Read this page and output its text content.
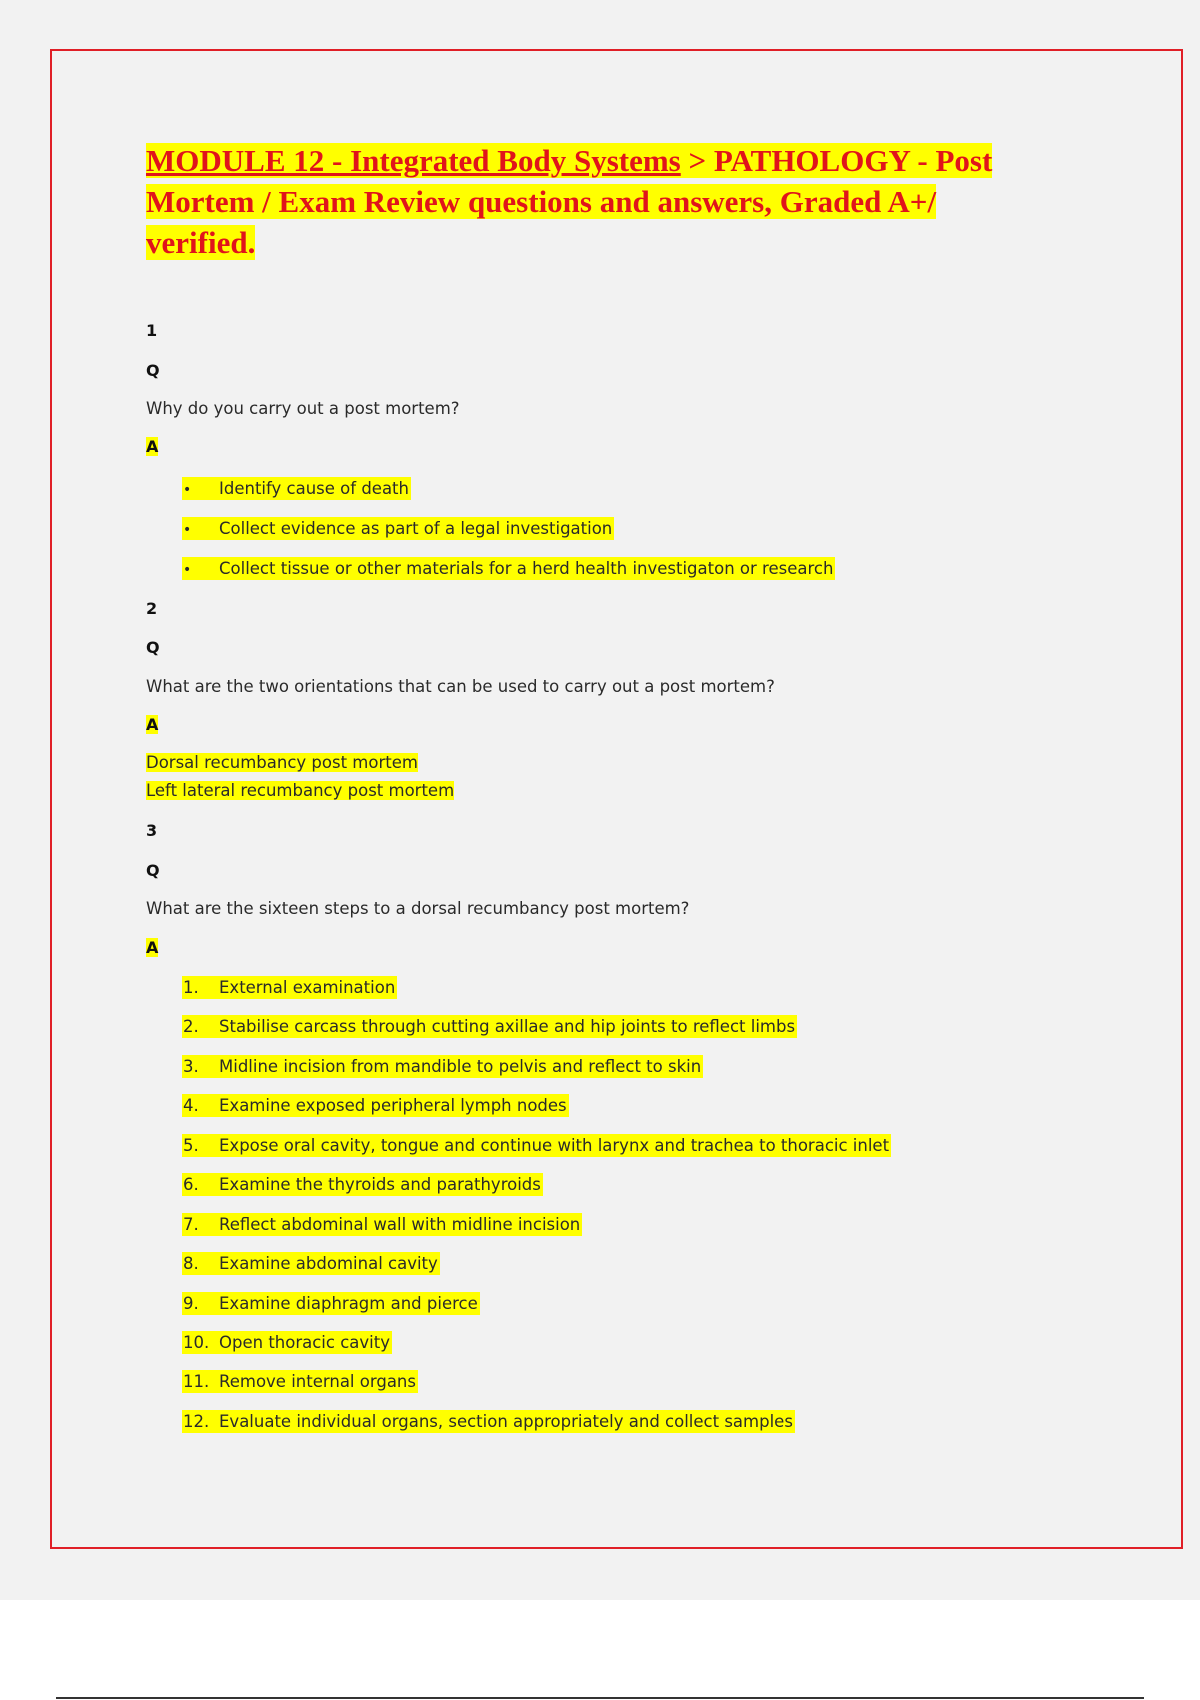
MODULE 12 - Integrated Body Systems > PATHOLOGY - Post
Mortem / Exam Review questions and answers, Graded A+/
verified.
1
Q
Why do you carry out a post mortem?
A
• Identify cause of death
• Collect evidence as part of a legal investigation
• Collect tissue or other materials for a herd health investigaton or research
2
Q
What are the two orientations that can be used to carry out a post mortem?
A
Dorsal recumbancy post mortem
Left lateral recumbancy post mortem
3
Q
What are the sixteen steps to a dorsal recumbancy post mortem?
A
1. External examination
2. Stabilise carcass through cutting axillae and hip joints to reflect limbs
3. Midline incision from mandible to pelvis and reflect to skin
4. Examine exposed peripheral lymph nodes
5. Expose oral cavity, tongue and continue with larynx and trachea to thoracic inlet
6. Examine the thyroids and parathyroids
7. Reflect abdominal wall with midline incision
8. Examine abdominal cavity
9. Examine diaphragm and pierce
10. Open thoracic cavity
11. Remove internal organs
12. Evaluate individual organs, section appropriately and collect samples
